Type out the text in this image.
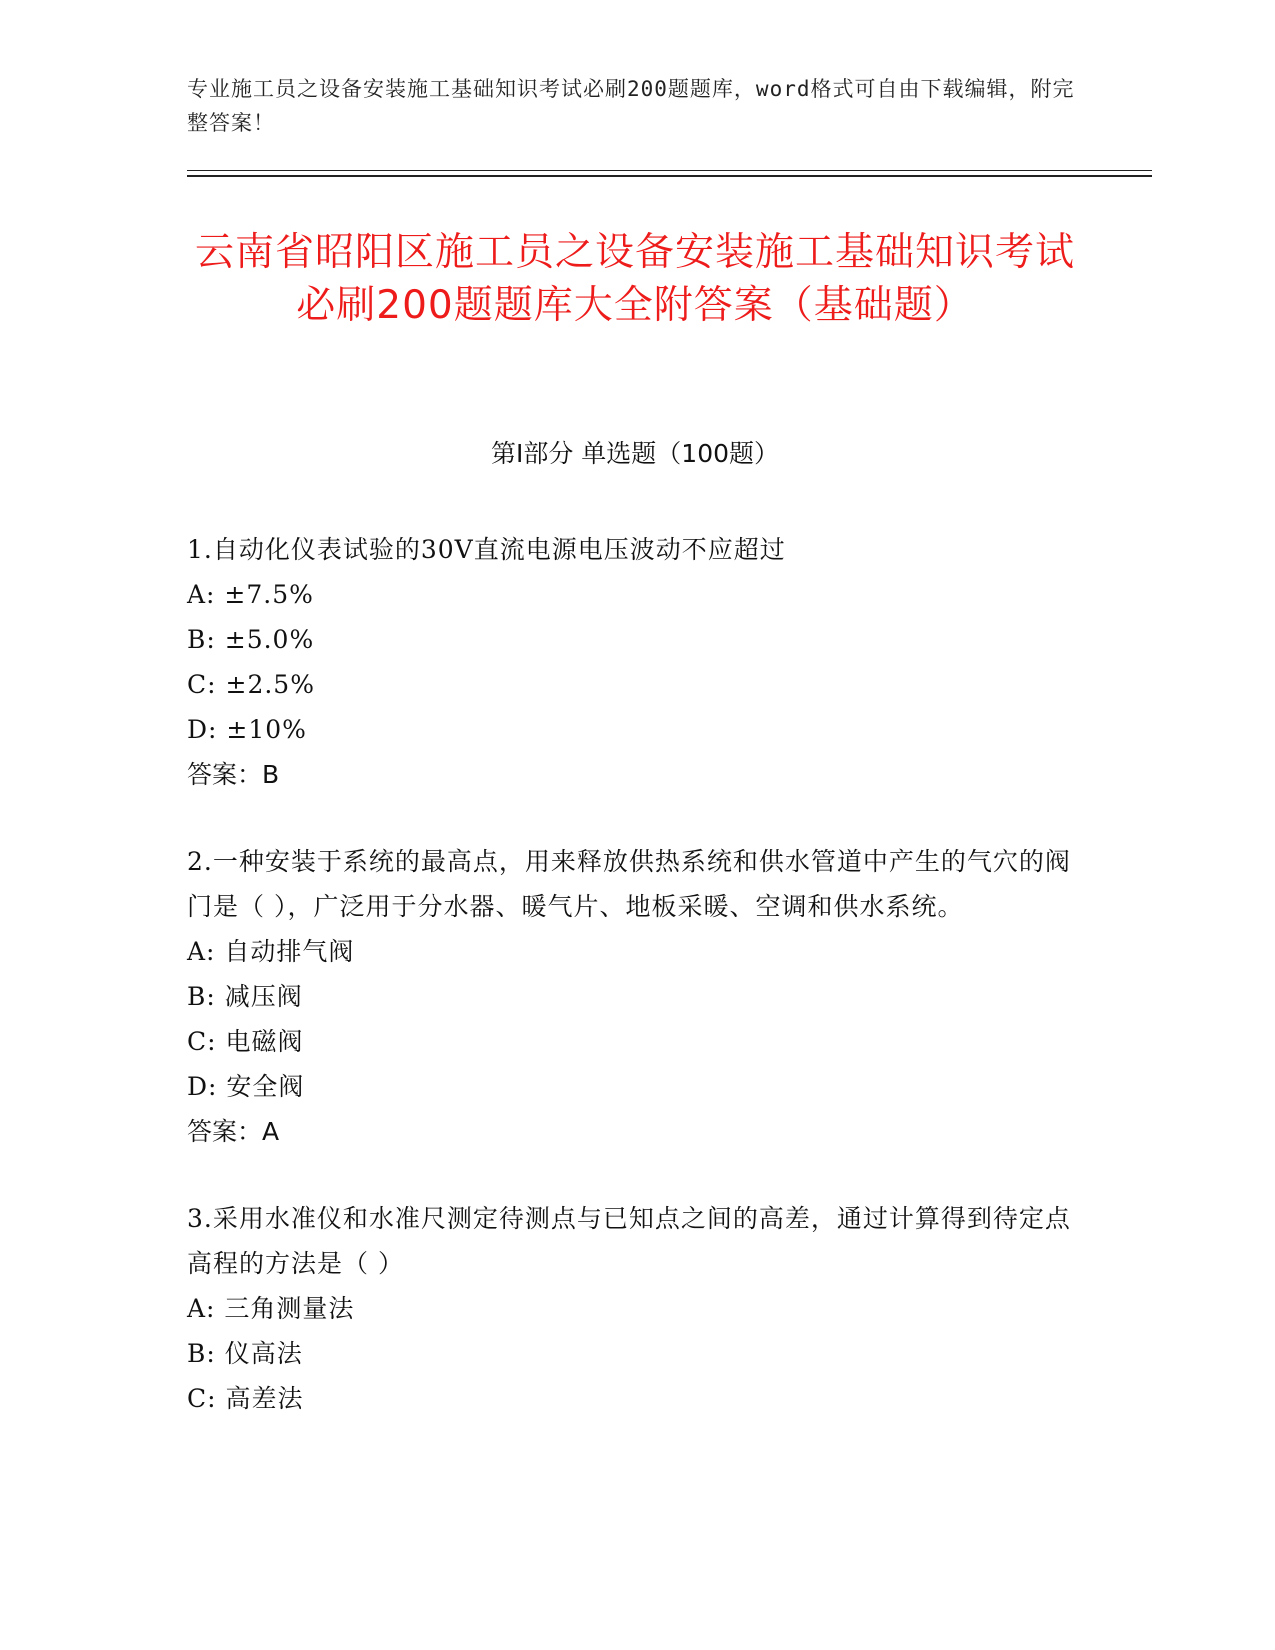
专业施工员之设备安装施工基础知识考试必刷200题题库，word格式可自由下载编辑，附完整答案！
云南省昭阳区施工员之设备安装施工基础知识考试必刷200题题库大全附答案（基础题）
第I部分 单选题（100题）

1.自动化仪表试验的30V直流电源电压波动不应超过

A: ±7.5%

B: ±5.0%

C: ±2.5%

D: ±10%

答案：B

2.一种安装于系统的最高点，用来释放供热系统和供水管道中产生的气穴的阀门是（ ），广泛用于分水器、暖气片、地板采暖、空调和供水系统。

A: 自动排气阀

B: 减压阀

C: 电磁阀

D: 安全阀

答案：A

3.采用水准仪和水准尺测定待测点与已知点之间的高差，通过计算得到待定点高程的方法是（ ）

A: 三角测量法

B: 仪高法

C: 高差法
